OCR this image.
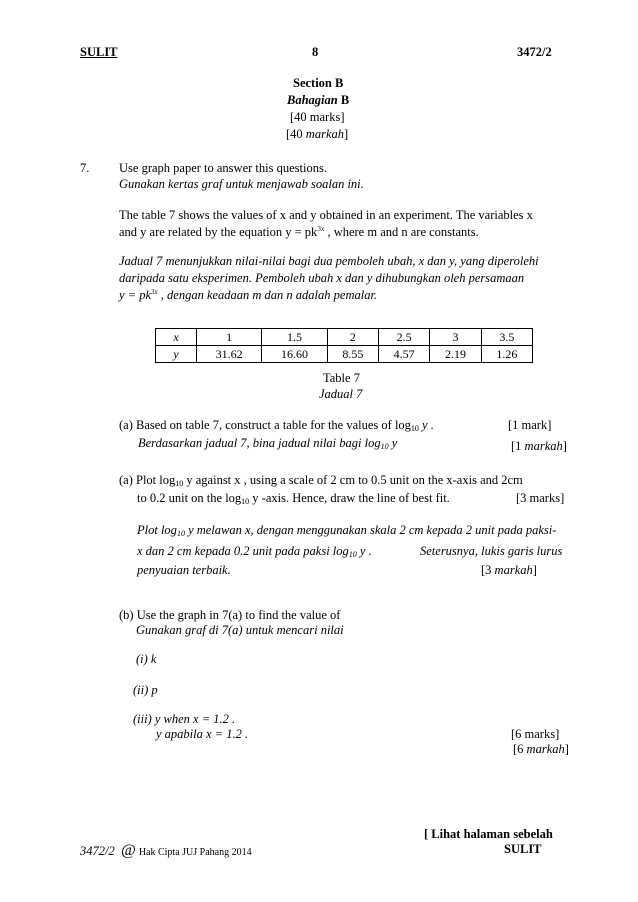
SULIT	8	3472/2
Section B
Bahagian B
[40 marks]
[40 markah]
7. Use graph paper to answer this questions.
Gunakan kertas graf untuk menjawab soalan ini.
The table 7 shows the values of x and y obtained in an experiment. The variables x
and y are related by the equation $y = pk^{3x}$ , where m and n are constants.
Jadual 7 menunjukkan nilai-nilai bagi dua pemboleh ubah, x dan y, yang diperolehi
daripada satu eksperimen. Pemboleh ubah x dan y dihubungkan oleh persamaan
$y = pk^{3x}$ , dengan keadaan m dan n adalah pemalar.
x	1	1.5	2	2.5	3	3.5
y	31.62	16.60	8.55	4.57	2.19	1.26
Table 7
Jadual 7
(a) Based on table 7, construct a table for the values of $\log_{10} y$ .	[1 mark]
Berdasarkan jadual 7, bina jadual nilai bagi $\log_{10} y$	[1 markah]
(a) Plot $\log_{10} y$ against x , using a scale of 2 cm to 0.5 unit on the x-axis and 2cm
to 0.2 unit on the $\log_{10} y$ -axis. Hence, draw the line of best fit.	[3 marks]
Plot $\log_{10} y$ melawan x, dengan menggunakan skala 2 cm kepada 2 unit pada paksi-
x dan 2 cm kepada 0.2 unit pada paksi $\log_{10} y$ .	Seterusnya, lukis garis lurus
penyuaian terbaik.	[3 markah]
(b) Use the graph in 7(a) to find the value of
Gunakan graf di 7(a) untuk mencari nilai
(i) k
(ii) p
(iii) y when x = 1.2 .
y apabila x = 1.2 .	[6 marks]
[6 markah]
[ Lihat halaman sebelah
3472/2 @ Hak Cipta JUJ Pahang 2014	SULIT
